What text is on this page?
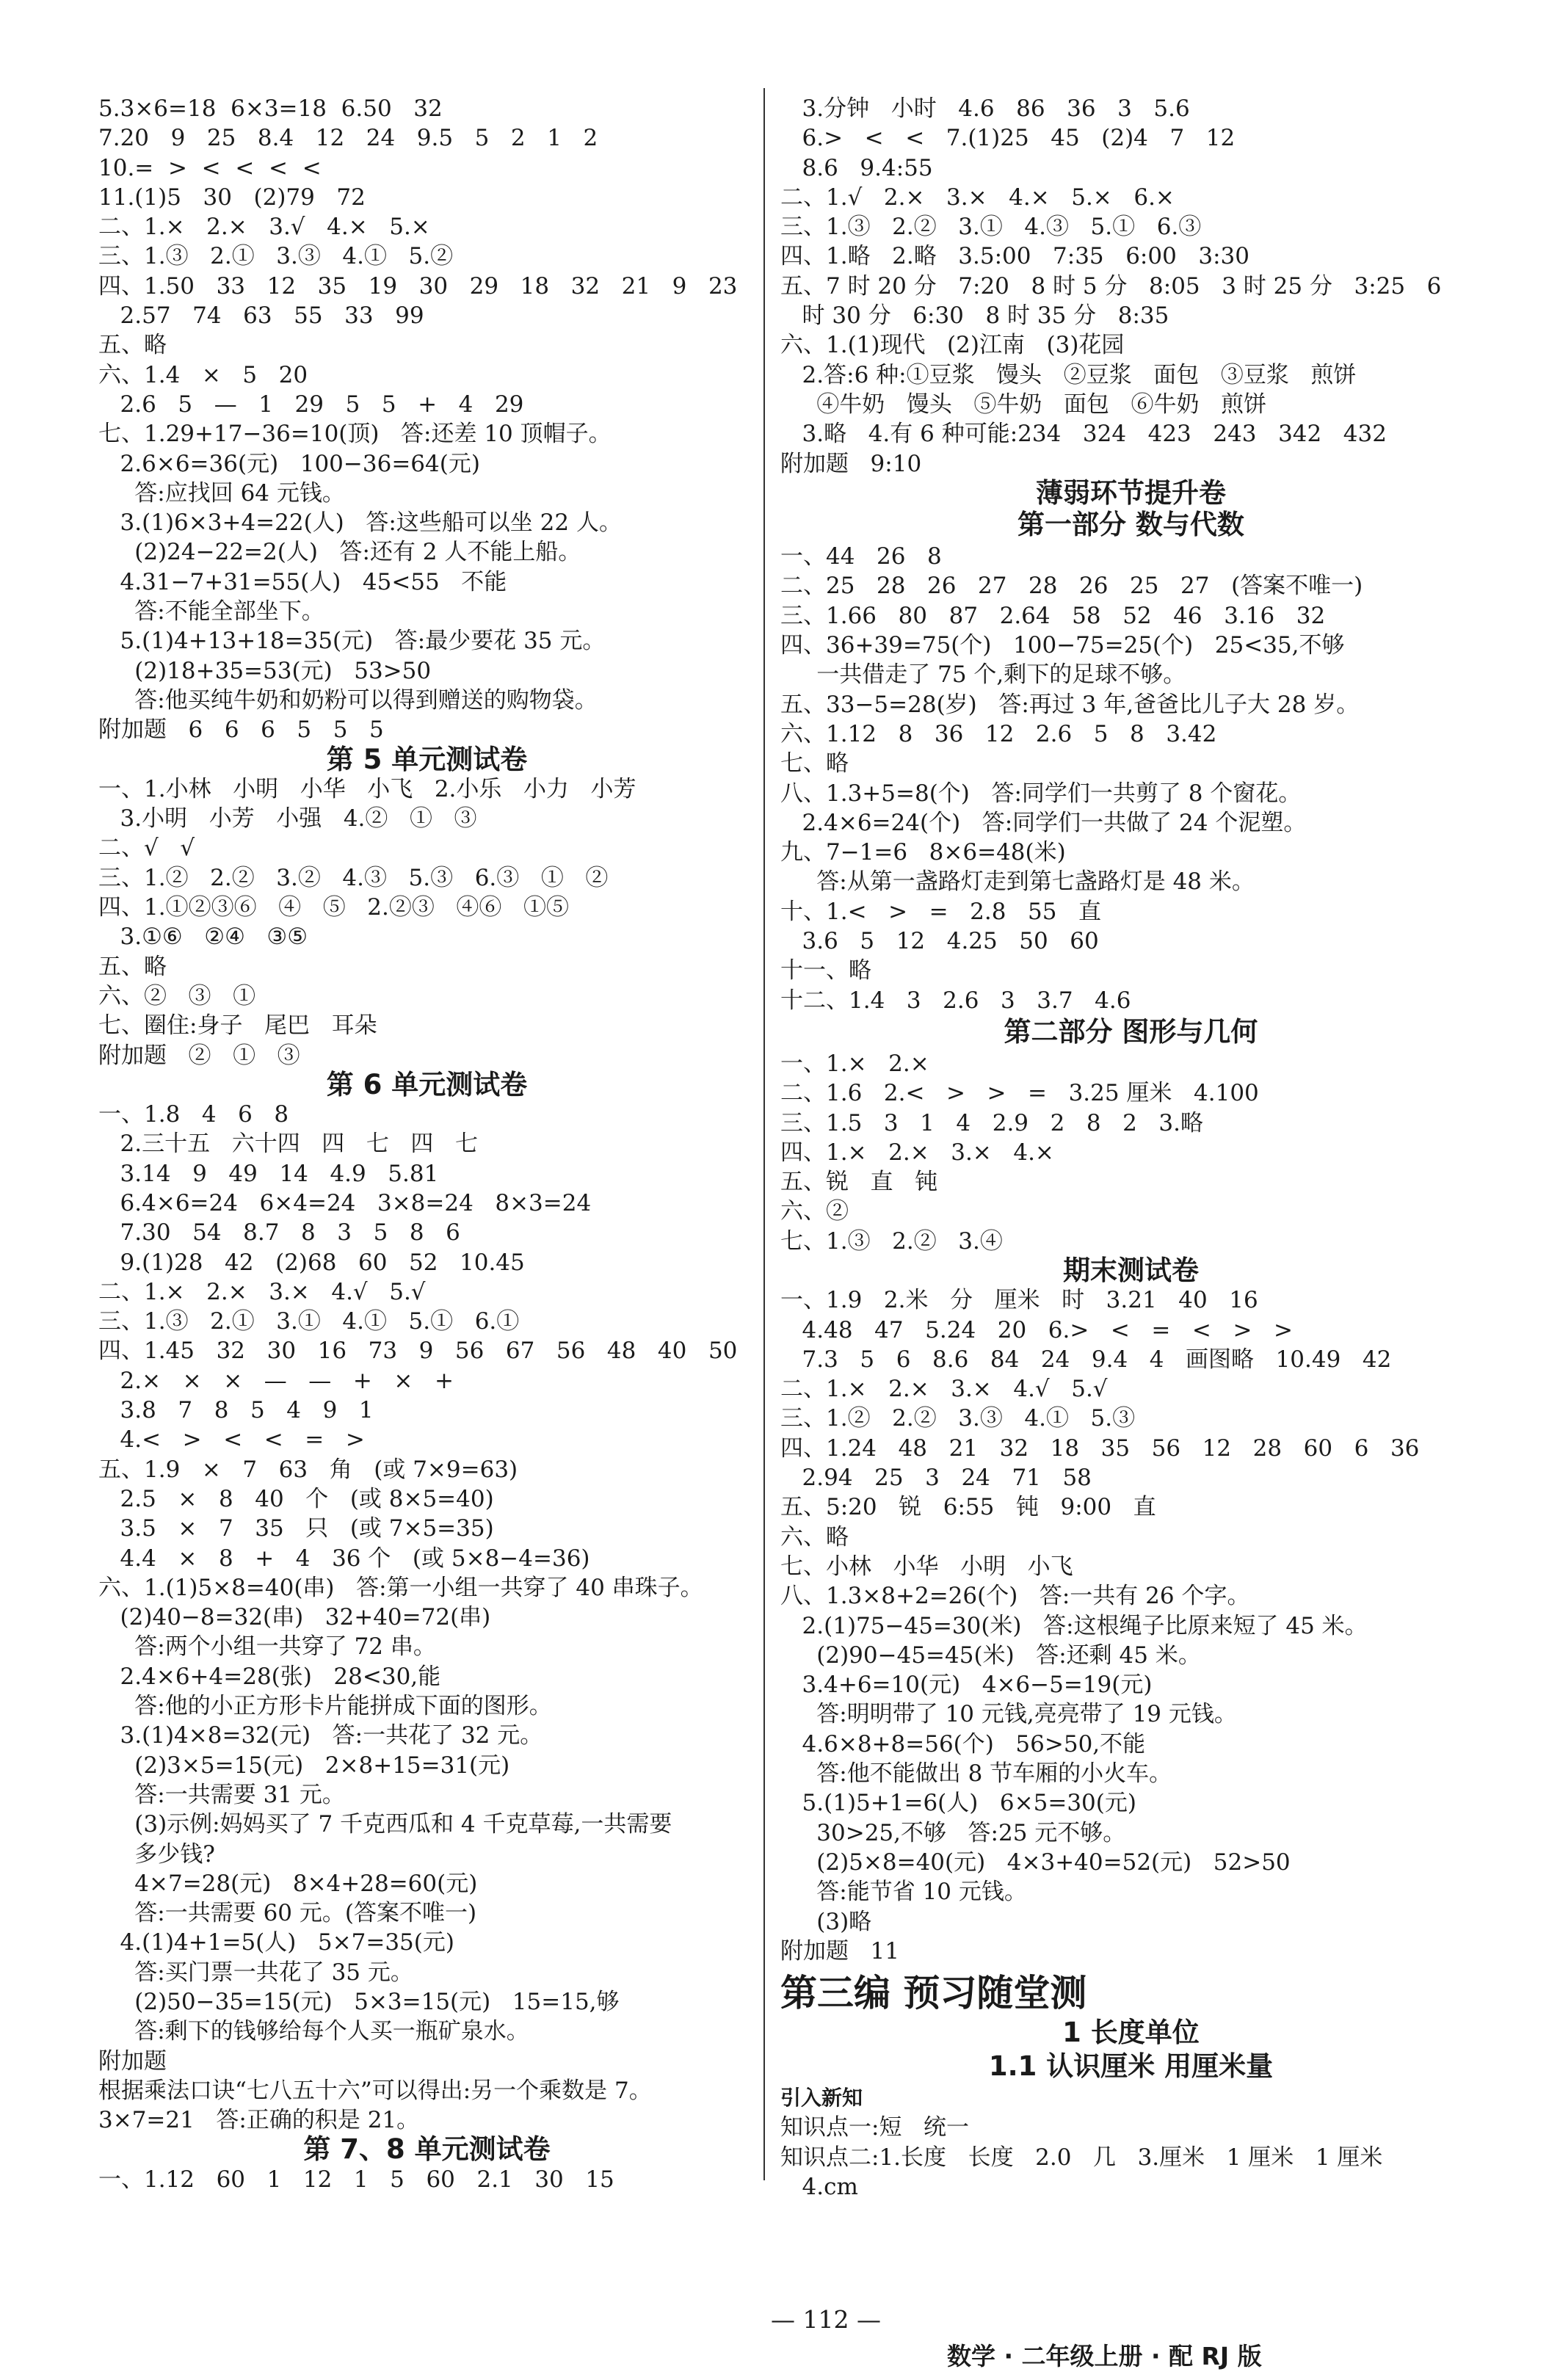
5.3×6=18  6×3=18  6.50   32
7.20   9   25   8.4   12   24   9.5   5   2   1   2
10.=  >  <  <  <  <
11.(1)5   30   (2)79   72
二、1.×   2.×   3.√   4.×   5.×
三、1.③   2.①   3.③   4.①   5.②
四、1.50   33   12   35   19   30   29   18   32   21   9   23
2.57   74   63   55   33   99
五、略
六、1.4   ×   5   20
2.6   5   —   1   29   5   5   +   4   29
七、1.29+17−36=10(顶)   答:还差 10 顶帽子。
2.6×6=36(元)   100−36=64(元)
答:应找回 64 元钱。
3.(1)6×3+4=22(人)   答:这些船可以坐 22 人。
(2)24−22=2(人)   答:还有 2 人不能上船。
4.31−7+31=55(人)   45<55   不能
答:不能全部坐下。
5.(1)4+13+18=35(元)   答:最少要花 35 元。
(2)18+35=53(元)   53>50
答:他买纯牛奶和奶粉可以得到赠送的购物袋。
附加题   6   6   6   5   5   5
第 5 单元测试卷
一、1.小林   小明   小华   小飞   2.小乐   小力   小芳
3.小明   小芳   小强   4.②   ①   ③
二、√   √
三、1.②   2.②   3.②   4.③   5.③   6.③   ①   ②
四、1.①②③⑥   ④   ⑤   2.②③   ④⑥   ①⑤
3.①⑥   ②④   ③⑤
五、略
六、②   ③   ①
七、圈住:身子   尾巴   耳朵
附加题   ②   ①   ③
第 6 单元测试卷
一、1.8   4   6   8
2.三十五   六十四   四   七   四   七
3.14   9   49   14   4.9   5.81
6.4×6=24   6×4=24   3×8=24   8×3=24
7.30   54   8.7   8   3   5   8   6
9.(1)28   42   (2)68   60   52   10.45
二、1.×   2.×   3.×   4.√   5.√
三、1.③   2.①   3.①   4.①   5.①   6.①
四、1.45   32   30   16   73   9   56   67   56   48   40   50
2.×   ×   ×   —   —   +   ×   +
3.8   7   8   5   4   9   1
4.<   >   <   <   =   >
五、1.9   ×   7   63   角   (或 7×9=63)
2.5   ×   8   40   个   (或 8×5=40)
3.5   ×   7   35   只   (或 7×5=35)
4.4   ×   8   +   4   36 个   (或 5×8−4=36)
六、1.(1)5×8=40(串)   答:第一小组一共穿了 40 串珠子。
(2)40−8=32(串)   32+40=72(串)
答:两个小组一共穿了 72 串。
2.4×6+4=28(张)   28<30,能
答:他的小正方形卡片能拼成下面的图形。
3.(1)4×8=32(元)   答:一共花了 32 元。
(2)3×5=15(元)   2×8+15=31(元)
答:一共需要 31 元。
(3)示例:妈妈买了 7 千克西瓜和 4 千克草莓,一共需要
多少钱?
4×7=28(元)   8×4+28=60(元)
答:一共需要 60 元。(答案不唯一)
4.(1)4+1=5(人)   5×7=35(元)
答:买门票一共花了 35 元。
(2)50−35=15(元)   5×3=15(元)   15=15,够
答:剩下的钱够给每个人买一瓶矿泉水。
附加题
根据乘法口诀“七八五十六”可以得出:另一个乘数是 7。
3×7=21   答:正确的积是 21。
第 7、8 单元测试卷
一、1.12   60   1   12   1   5   60   2.1   30   15
3.分钟   小时   4.6   86   36   3   5.6
6.>   <   <   7.(1)25   45   (2)4   7   12
8.6   9.4:55
二、1.√   2.×   3.×   4.×   5.×   6.×
三、1.③   2.②   3.①   4.③   5.①   6.③
四、1.略   2.略   3.5:00   7:35   6:00   3:30
五、7 时 20 分   7:20   8 时 5 分   8:05   3 时 25 分   3:25   6
时 30 分   6:30   8 时 35 分   8:35
六、1.(1)现代   (2)江南   (3)花园
2.答:6 种:①豆浆   馒头   ②豆浆   面包   ③豆浆   煎饼
④牛奶   馒头   ⑤牛奶   面包   ⑥牛奶   煎饼
3.略   4.有 6 种可能:234   324   423   243   342   432
附加题   9:10
薄弱环节提升卷
第一部分 数与代数
一、44   26   8
二、25   28   26   27   28   26   25   27   (答案不唯一)
三、1.66   80   87   2.64   58   52   46   3.16   32
四、36+39=75(个)   100−75=25(个)   25<35,不够
一共借走了 75 个,剩下的足球不够。
五、33−5=28(岁)   答:再过 3 年,爸爸比儿子大 28 岁。
六、1.12   8   36   12   2.6   5   8   3.42
七、略
八、1.3+5=8(个)   答:同学们一共剪了 8 个窗花。
2.4×6=24(个)   答:同学们一共做了 24 个泥塑。
九、7−1=6   8×6=48(米)
答:从第一盏路灯走到第七盏路灯是 48 米。
十、1.<   >   =   2.8   55   直
3.6   5   12   4.25   50   60
十一、略
十二、1.4   3   2.6   3   3.7   4.6
第二部分 图形与几何
一、1.×   2.×
二、1.6   2.<   >   >   =   3.25 厘米   4.100
三、1.5   3   1   4   2.9   2   8   2   3.略
四、1.×   2.×   3.×   4.×
五、锐   直   钝
六、②
七、1.③   2.②   3.④
期末测试卷
一、1.9   2.米   分   厘米   时   3.21   40   16
4.48   47   5.24   20   6.>   <   =   <   >   >
7.3   5   6   8.6   84   24   9.4   4   画图略   10.49   42
二、1.×   2.×   3.×   4.√   5.√
三、1.②   2.②   3.③   4.①   5.③
四、1.24   48   21   32   18   35   56   12   28   60   6   36
2.94   25   3   24   71   58
五、5:20   锐   6:55   钝   9:00   直
六、略
七、小林   小华   小明   小飞
八、1.3×8+2=26(个)   答:一共有 26 个字。
2.(1)75−45=30(米)   答:这根绳子比原来短了 45 米。
(2)90−45=45(米)   答:还剩 45 米。
3.4+6=10(元)   4×6−5=19(元)
答:明明带了 10 元钱,亮亮带了 19 元钱。
4.6×8+8=56(个)   56>50,不能
答:他不能做出 8 节车厢的小火车。
5.(1)5+1=6(人)   6×5=30(元)
30>25,不够   答:25 元不够。
(2)5×8=40(元)   4×3+40=52(元)   52>50
答:能节省 10 元钱。
(3)略
附加题   11
第三编 预习随堂测
1 长度单位
1.1 认识厘米 用厘米量
引入新知
知识点一:短   统一
知识点二:1.长度   长度   2.0   几   3.厘米   1 厘米   1 厘米
4.cm

— 112 —

数学 · 二年级上册 · 配 RJ 版
